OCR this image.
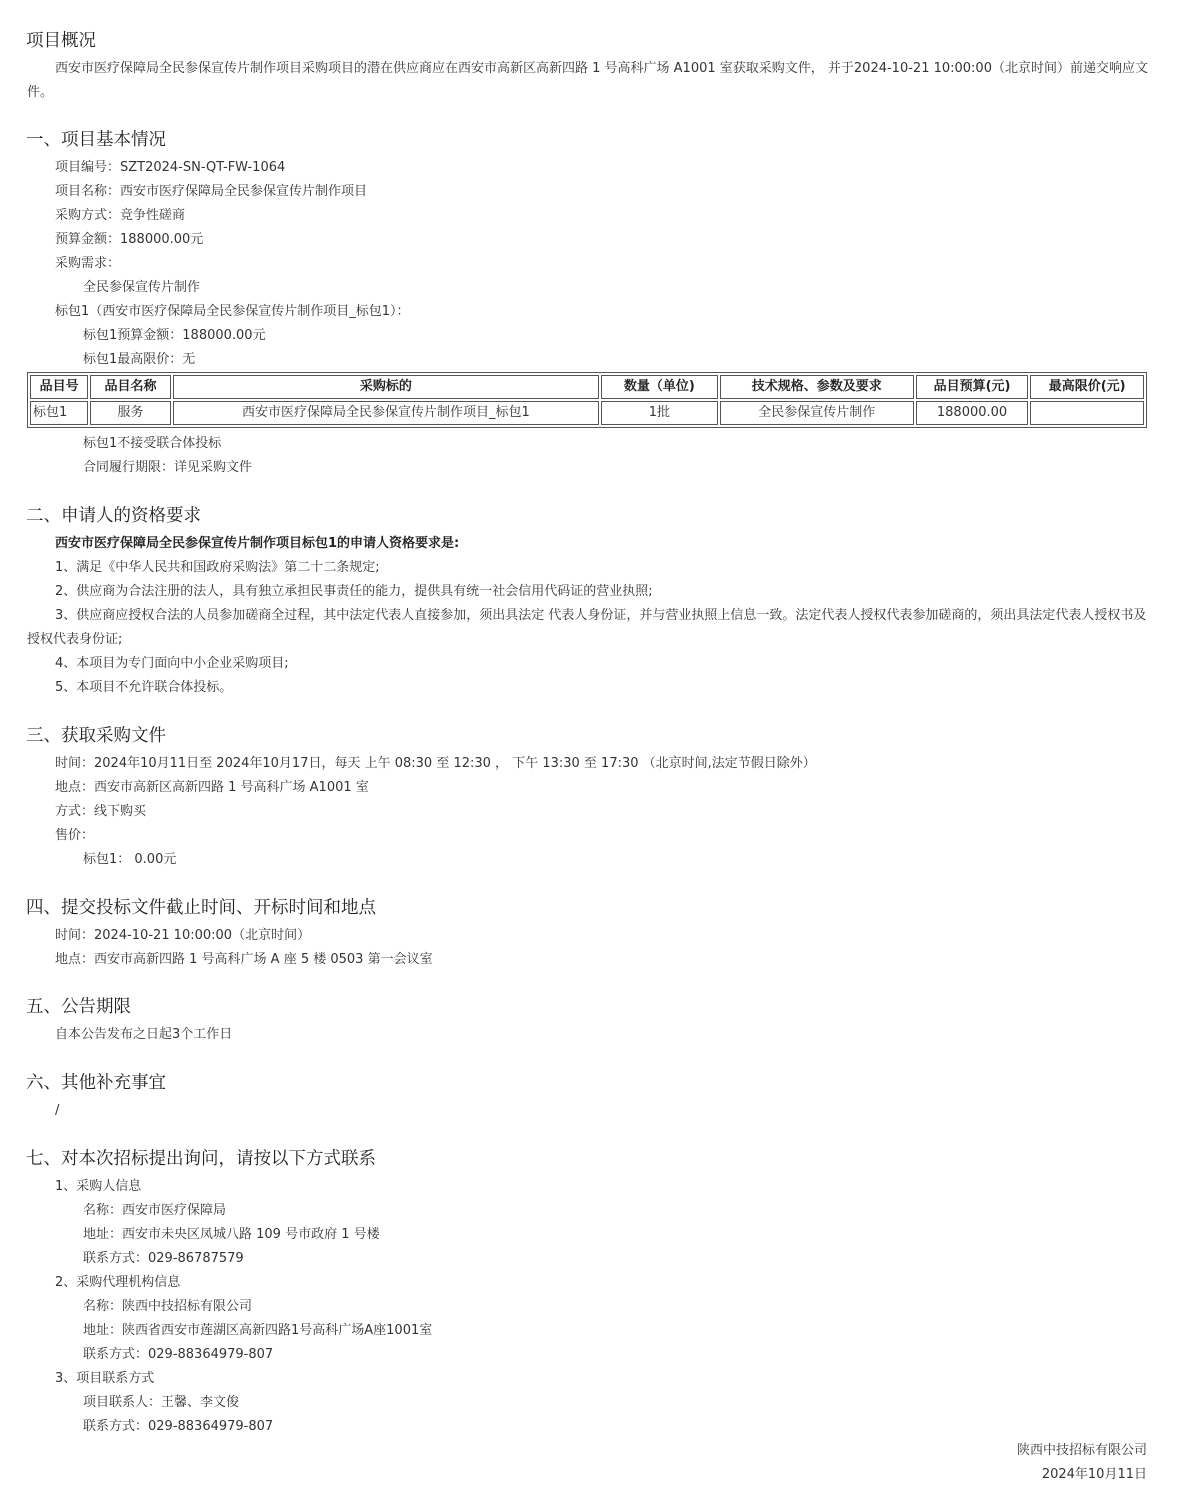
项目概况
西安市医疗保障局全民参保宣传片制作项目采购项目的潜在供应商应在西安市高新区高新四路 1 号高科广场 A1001 室获取采购文件， 并于2024-10-21 10:00:00（北京时间）前递交响应文件。
一、项目基本情况
项目编号：SZT2024-SN-QT-FW-1064
项目名称：西安市医疗保障局全民参保宣传片制作项目
采购方式：竞争性磋商
预算金额：188000.00元
采购需求：
全民参保宣传片制作
标包1（西安市医疗保障局全民参保宣传片制作项目_标包1）：
标包1预算金额：188000.00元
标包1最高限价：无
品目号	品目名称	采购标的	数量（单位)	技术规格、参数及要求	品目预算(元)	最高限价(元)
标包1	服务	西安市医疗保障局全民参保宣传片制作项目_标包1	1批	全民参保宣传片制作	188000.00	
标包1不接受联合体投标
合同履行期限：详见采购文件
二、申请人的资格要求
西安市医疗保障局全民参保宣传片制作项目标包1的申请人资格要求是:
1、满足《中华人民共和国政府采购法》第二十二条规定;
2、供应商为合法注册的法人，具有独立承担民事责任的能力，提供具有统一社会信用代码证的营业执照;
3、供应商应授权合法的人员参加磋商全过程，其中法定代表人直接参加，须出具法定 代表人身份证，并与营业执照上信息一致。法定代表人授权代表参加磋商的，须出具法定代表人授权书及授权代表身份证;
4、本项目为专门面向中小企业采购项目;
5、本项目不允许联合体投标。
三、获取采购文件
时间：2024年10月11日至 2024年10月17日，每天 上午 08:30 至 12:30 ， 下午 13:30 至 17:30 （北京时间,法定节假日除外）
地点：西安市高新区高新四路 1 号高科广场 A1001 室
方式：线下购买
售价：
标包1： 0.00元
四、提交投标文件截止时间、开标时间和地点
时间：2024-10-21 10:00:00（北京时间）
地点：西安市高新四路 1 号高科广场 A 座 5 楼 0503 第一会议室
五、公告期限
自本公告发布之日起3个工作日
六、其他补充事宜
/
七、对本次招标提出询问，请按以下方式联系
1、采购人信息
名称：西安市医疗保障局
地址：西安市未央区凤城八路 109 号市政府 1 号楼
联系方式：029-86787579
2、采购代理机构信息
名称：陕西中技招标有限公司
地址：陕西省西安市莲湖区高新四路1号高科广场A座1001室
联系方式：029-88364979-807
3、项目联系方式
项目联系人：王馨、李文俊
联系方式：029-88364979-807
陕西中技招标有限公司
2024年10月11日
